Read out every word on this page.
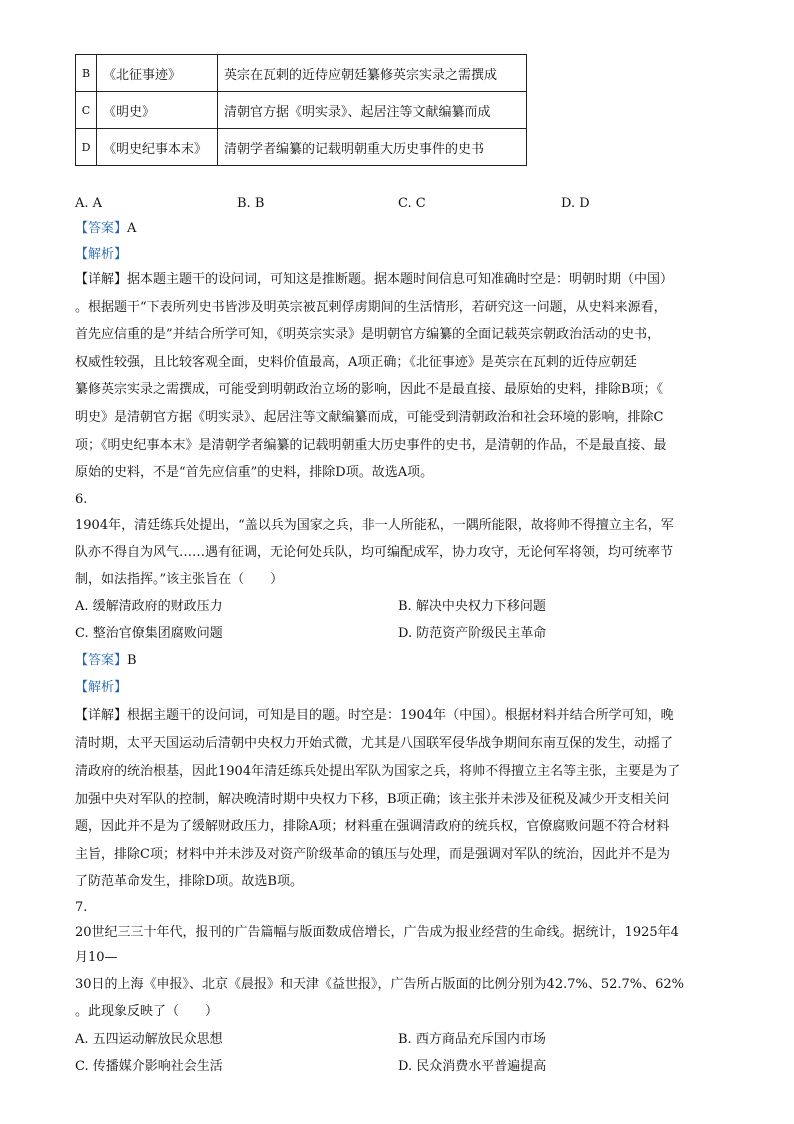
B	《北征事迹》	英宗在瓦剌的近侍应朝廷纂修英宗实录之需撰成
C	《明史》	清朝官方据《明实录》、起居注等文献编纂而成
D	《明史纪事本末》	清朝学者编纂的记载明朝重大历史事件的史书
A. A	B. B	C. C	D. D
【答案】A
【解析】
【详解】据本题主题干的设问词，可知这是推断题。据本题时间信息可知准确时空是：明朝时期（中国）
。根据题干“下表所列史书皆涉及明英宗被瓦剌俘虏期间的生活情形，若研究这一问题，从史料来源看，
首先应信重的是”并结合所学可知，《明英宗实录》是明朝官方编纂的全面记载英宗朝政治活动的史书，
权威性较强，且比较客观全面，史料价值最高，A项正确；《北征事迹》是英宗在瓦剌的近侍应朝廷
纂修英宗实录之需撰成，可能受到明朝政治立场的影响，因此不是最直接、最原始的史料，排除B项；《
明史》是清朝官方据《明实录》、起居注等文献编纂而成，可能受到清朝政治和社会环境的影响，排除C
项；《明史纪事本末》是清朝学者编纂的记载明朝重大历史事件的史书，是清朝的作品，不是最直接、最
原始的史料，不是“首先应信重”的史料，排除D项。故选A项。
6.
1904年，清廷练兵处提出，“盖以兵为国家之兵，非一人所能私，一隅所能限，故将帅不得擅立主名，军
队亦不得自为风气……遇有征调，无论何处兵队，均可编配成军，协力攻守，无论何军将领，均可统率节
制，如法指挥。”该主张旨在（　　）
A. 缓解清政府的财政压力	B. 解决中央权力下移问题
C. 整治官僚集团腐败问题	D. 防范资产阶级民主革命
【答案】B
【解析】
【详解】根据主题干的设问词，可知是目的题。时空是：1904年（中国）。根据材料并结合所学可知，晚
清时期，太平天国运动后清朝中央权力开始式微，尤其是八国联军侵华战争期间东南互保的发生，动摇了
清政府的统治根基，因此1904年清廷练兵处提出军队为国家之兵，将帅不得擅立主名等主张，主要是为了
加强中央对军队的控制，解决晚清时期中央权力下移，B项正确；该主张并未涉及征税及减少开支相关问
题，因此并不是为了缓解财政压力，排除A项；材料重在强调清政府的统兵权，官僚腐败问题不符合材料
主旨，排除C项；材料中并未涉及对资产阶级革命的镇压与处理，而是强调对军队的统治，因此并不是为
了防范革命发生，排除D项。故选B项。
7.
20世纪三三十年代，报刊的广告篇幅与版面数成倍增长，广告成为报业经营的生命线。据统计，1925年4
月10—
30日的上海《申报》、北京《晨报》和天津《益世报》，广告所占版面的比例分别为42.7%、52.7%、62%
。此现象反映了（　　）
A. 五四运动解放民众思想	B. 西方商品充斥国内市场
C. 传播媒介影响社会生活	D. 民众消费水平普遍提高
